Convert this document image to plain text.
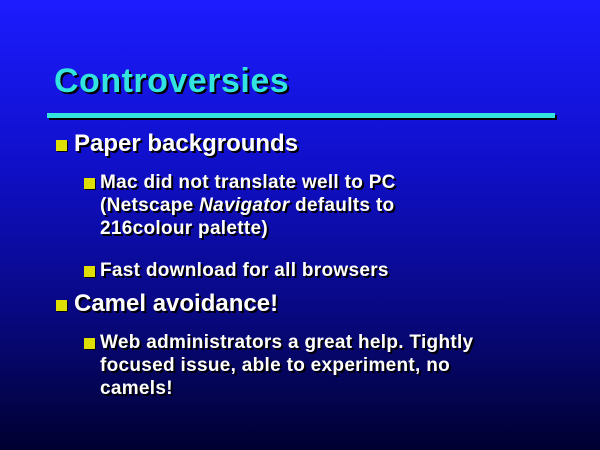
Controversies
Paper backgrounds
Mac did not translate well to PC
(Netscape Navigator defaults to
216colour palette)
Fast download for all browsers
Camel avoidance!
Web administrators a great help. Tightly
focused issue, able to experiment, no
camels!
